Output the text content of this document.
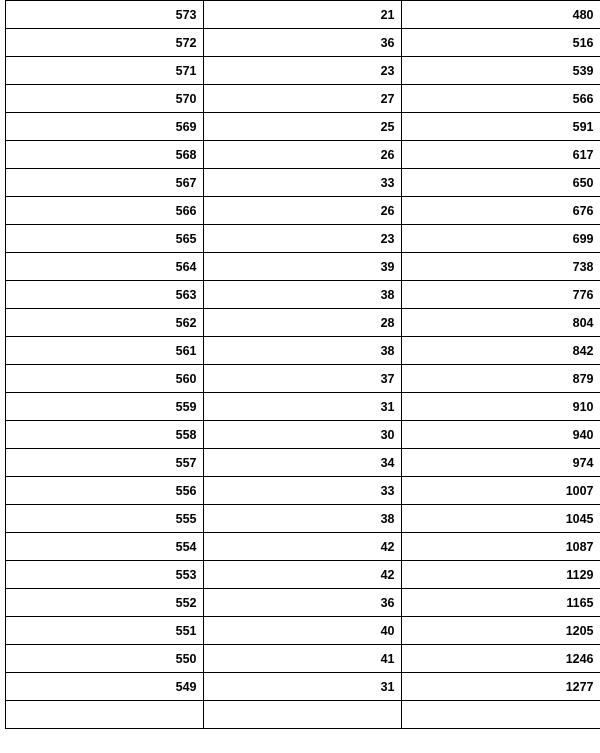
	573	21	480
	572	36	516
	571	23	539
	570	27	566
	569	25	591
	568	26	617
	567	33	650
	566	26	676
	565	23	699
	564	39	738
	563	38	776
	562	28	804
	561	38	842
	560	37	879
	559	31	910
	558	30	940
	557	34	974
	556	33	1007
	555	38	1045
	554	42	1087
	553	42	1129
	552	36	1165
	551	40	1205
	550	41	1246
	549	31	1277
